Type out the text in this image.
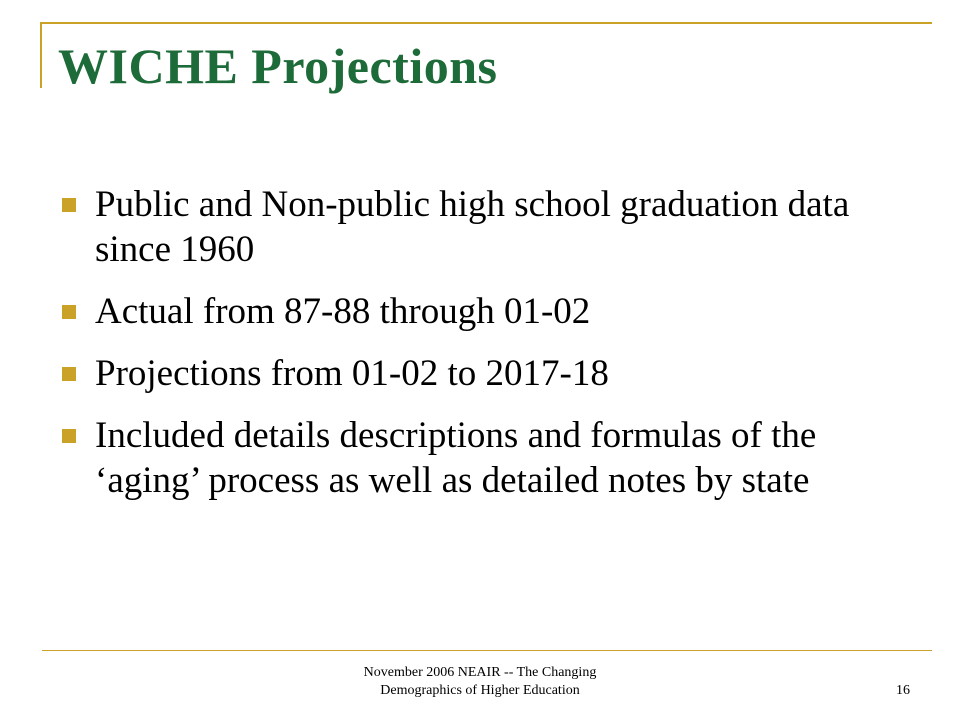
WICHE Projections
Public and Non-public high school graduation data since 1960
Actual from 87-88 through 01-02
Projections from 01-02 to 2017-18
Included details descriptions and formulas of the ‘aging’ process as well as detailed notes by state
November 2006 NEAIR -- The Changing
Demographics of Higher Education	16
